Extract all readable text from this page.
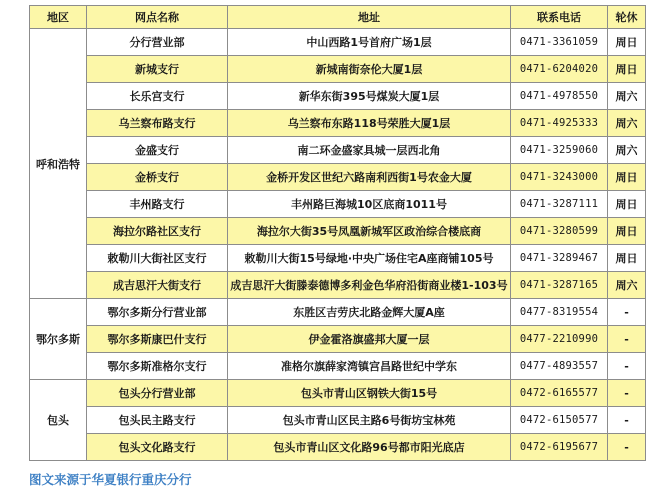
地区	网点名称	地址	联系电话	轮休
呼和浩特	分行营业部	中山西路1号首府广场1层	0471-3361059	周日
	新城支行	新城南街奈伦大厦1层	0471-6204020	周日
	长乐宫支行	新华东街395号煤炭大厦1层	0471-4978550	周六
	乌兰察布路支行	乌兰察布东路118号荣胜大厦1层	0471-4925333	周六
	金盛支行	南二环金盛家具城一层西北角	0471-3259060	周六
	金桥支行	金桥开发区世纪六路南利西街1号农金大厦	0471-3243000	周日
	丰州路支行	丰州路巨海城10区底商1011号	0471-3287111	周日
	海拉尔路社区支行	海拉尔大街35号凤凰新城军区政治综合楼底商	0471-3280599	周日
	敕勒川大街社区支行	敕勒川大街15号绿地·中央广场住宅A座商铺105号	0471-3289467	周日
	成吉思汗大街支行	成吉思汗大街滕泰德博多利金色华府沿街商业楼1-103号	0471-3287165	周六
鄂尔多斯	鄂尔多斯分行营业部	东胜区吉劳庆北路金辉大厦A座	0477-8319554	-
	鄂尔多斯康巴什支行	伊金霍洛旗盛邦大厦一层	0477-2210990	-
	鄂尔多斯准格尔支行	准格尔旗薛家湾镇宫昌路世纪中学东	0477-4893557	-
包头	包头分行营业部	包头市青山区钢铁大街15号	0472-6165577	-
	包头民主路支行	包头市青山区民主路6号街坊宝林苑	0472-6150577	-
	包头文化路支行	包头市青山区文化路96号都市阳光底店	0472-6195677	-
图文来源于华夏银行重庆分行
